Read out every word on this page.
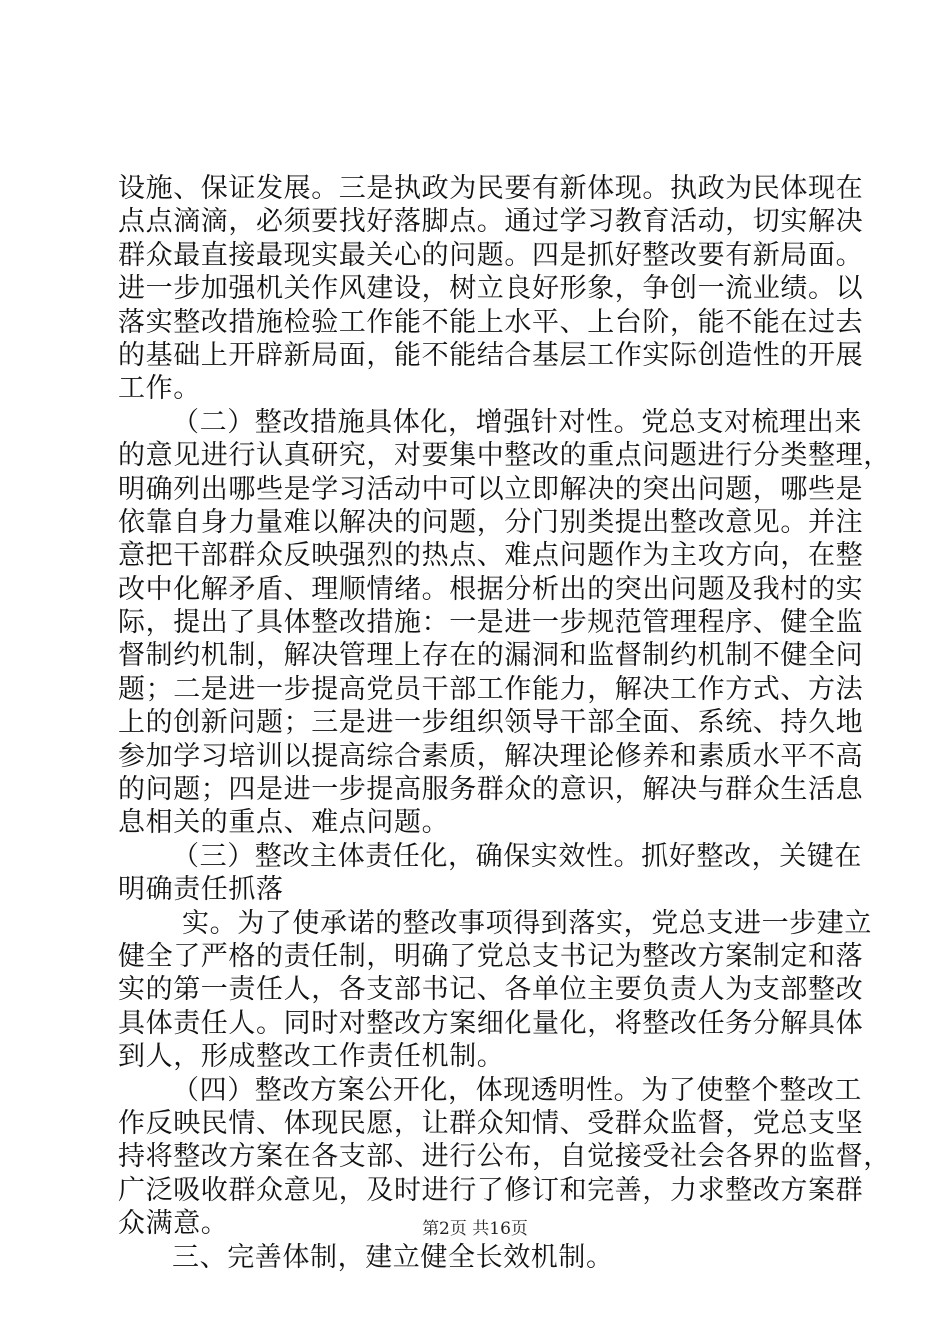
设施、保证发展。三是执政为民要有新体现。执政为民体现在
点点滴滴，必须要找好落脚点。通过学习教育活动，切实解决
群众最直接最现实最关心的问题。四是抓好整改要有新局面。
进一步加强机关作风建设，树立良好形象，争创一流业绩。以
落实整改措施检验工作能不能上水平、上台阶，能不能在过去
的基础上开辟新局面，能不能结合基层工作实际创造性的开展
工作。
（二）整改措施具体化，增强针对性。党总支对梳理出来
的意见进行认真研究，对要集中整改的重点问题进行分类整理，
明确列出哪些是学习活动中可以立即解决的突出问题，哪些是
依靠自身力量难以解决的问题，分门别类提出整改意见。并注
意把干部群众反映强烈的热点、难点问题作为主攻方向，在整
改中化解矛盾、理顺情绪。根据分析出的突出问题及我村的实
际，提出了具体整改措施：一是进一步规范管理程序、健全监
督制约机制，解决管理上存在的漏洞和监督制约机制不健全问
题；二是进一步提高党员干部工作能力，解决工作方式、方法
上的创新问题；三是进一步组织领导干部全面、系统、持久地
参加学习培训以提高综合素质，解决理论修养和素质水平不高
的问题；四是进一步提高服务群众的意识，解决与群众生活息
息相关的重点、难点问题。
（三）整改主体责任化，确保实效性。抓好整改，关键在
明确责任抓落
实。为了使承诺的整改事项得到落实，党总支进一步建立
健全了严格的责任制，明确了党总支书记为整改方案制定和落
实的第一责任人，各支部书记、各单位主要负责人为支部整改
具体责任人。同时对整改方案细化量化，将整改任务分解具体
到人，形成整改工作责任机制。
（四）整改方案公开化，体现透明性。为了使整个整改工
作反映民情、体现民愿，让群众知情、受群众监督，党总支坚
持将整改方案在各支部、进行公布，自觉接受社会各界的监督，
广泛吸收群众意见，及时进行了修订和完善，力求整改方案群
众满意。
三、完善体制，建立健全长效机制。
第2页 共16页
